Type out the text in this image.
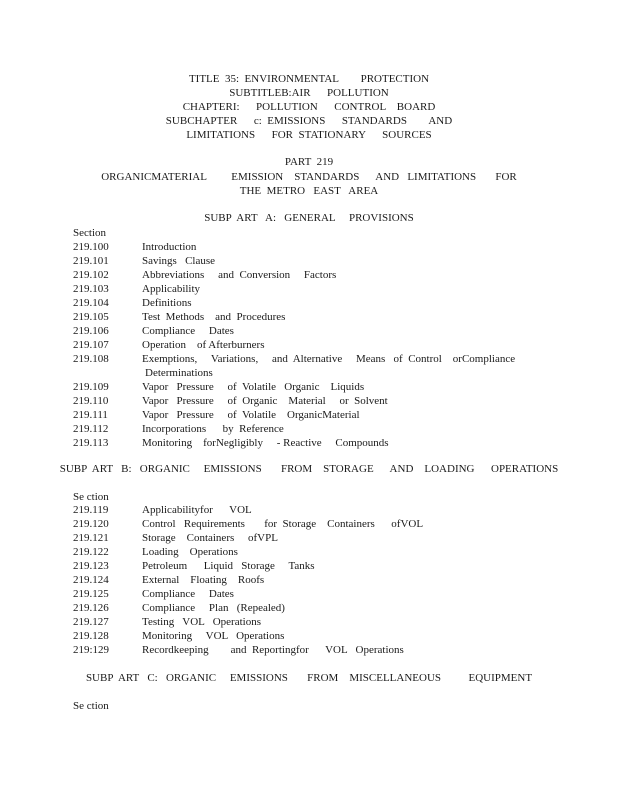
TITLE  35:  ENVIRONMENTAL        PROTECTION
SUBTITLEB:AIR      POLLUTION
CHAPTERI:      POLLUTION      CONTROL    BOARD
SUBCHAPTER      c:  EMISSIONS      STANDARDS        AND
LIMITATIONS      FOR  STATIONARY      SOURCES
PART  219
ORGANICMATERIAL         EMISSION    STANDARDS      AND   LIMITATIONS       FOR
THE  METRO   EAST   AREA
SUBP  ART   A:   GENERAL     PROVISIONS
Section
219.100	Introduction
219.101	Savings   Clause
219.102	Abbreviations     and  Conversion     Factors
219.103	Applicability
219.104	Definitions
219.105	Test  Methods    and  Procedures
219.106	Compliance     Dates
219.107	Operation    of Afterburners
219.108	Exemptions,     Variations,     and  Alternative     Means   of  Control    orCompliance
Determinations
219.109	Vapor   Pressure     of  Volatile   Organic    Liquids
219.110	Vapor   Pressure     of  Organic    Material     or  Solvent
219.111	Vapor   Pressure     of  Volatile    OrganicMaterial
219.112	Incorporations      by  Reference
219.113	Monitoring    forNegligibly     - Reactive     Compounds
SUBP  ART   B:   ORGANIC     EMISSIONS       FROM    STORAGE      AND    LOADING      OPERATIONS
Se ction
219.119	Applicabilityfor      VOL
219.120	Control   Requirements       for  Storage    Containers      ofVOL
219.121	Storage    Containers     ofVPL
219.122	Loading    Operations
219.123	Petroleum      Liquid   Storage     Tanks
219.124	External    Floating    Roofs
219.125	Compliance     Dates
219.126	Compliance     Plan   (Repealed)
219.127	Testing   VOL   Operations
219.128	Monitoring     VOL   Operations
219:129	Recordkeeping        and  Reportingfor      VOL   Operations
SUBP  ART   C:   ORGANIC     EMISSIONS       FROM    MISCELLANEOUS          EQUIPMENT
Se ction
